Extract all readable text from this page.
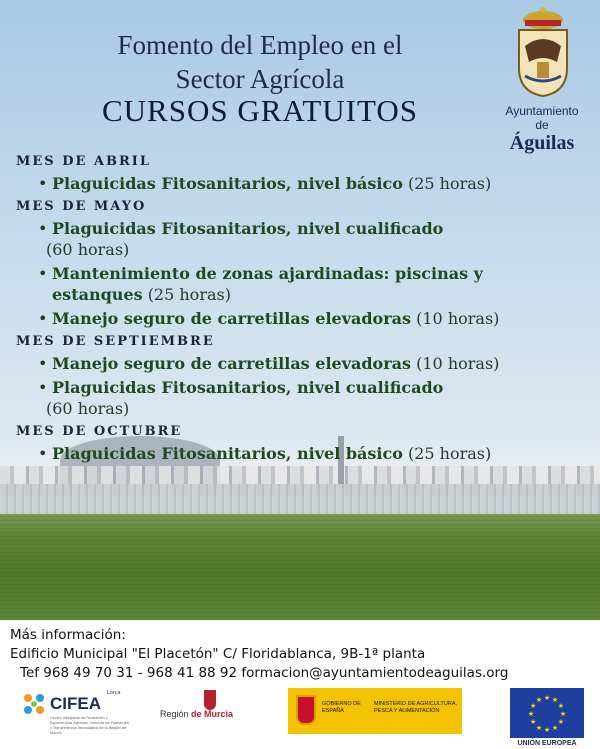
Fomento del Empleo en el
Sector Agrícola
CURSOS GRATUITOS	Ayuntamiento
de
Águilas

MES DE ABRIL

• Plaguicidas Fitosanitarios, nivel básico (25 horas)

MES DE MAYO

• Plaguicidas Fitosanitarios, nivel cualificado
(60 horas)
• Mantenimiento de zonas ajardinadas: piscinas y
estanques (25 horas)
• Manejo seguro de carretillas elevadoras (10 horas)

MES DE SEPTIEMBRE

• Manejo seguro de carretillas elevadoras (10 horas)
• Plaguicidas Fitosanitarios, nivel cualificado
(60 horas)

MES DE OCTUBRE

• Plaguicidas Fitosanitarios, nivel básico (25 horas)
Más información:
Edificio Municipal "El Placetón" C/ Floridablanca, 9B-1ª planta
Tef 968 49 70 31 - 968 41 88 92 formacion@ayuntamientodeaguilas.org
CIFEA
Lorca
Centro Integrado de Formación y Experiencias Agrarias. Servicio de Formación y Transferencia Tecnológica de la Región de Murcia
Región de Murcia
GOBIERNO DE ESPAÑA
MINISTERIO DE AGRICULTURA, PESCA Y ALIMENTACIÓN	★
★
★
★
★
★
★
★
★ ★ ★
★
UNIÓN EUROPEA
